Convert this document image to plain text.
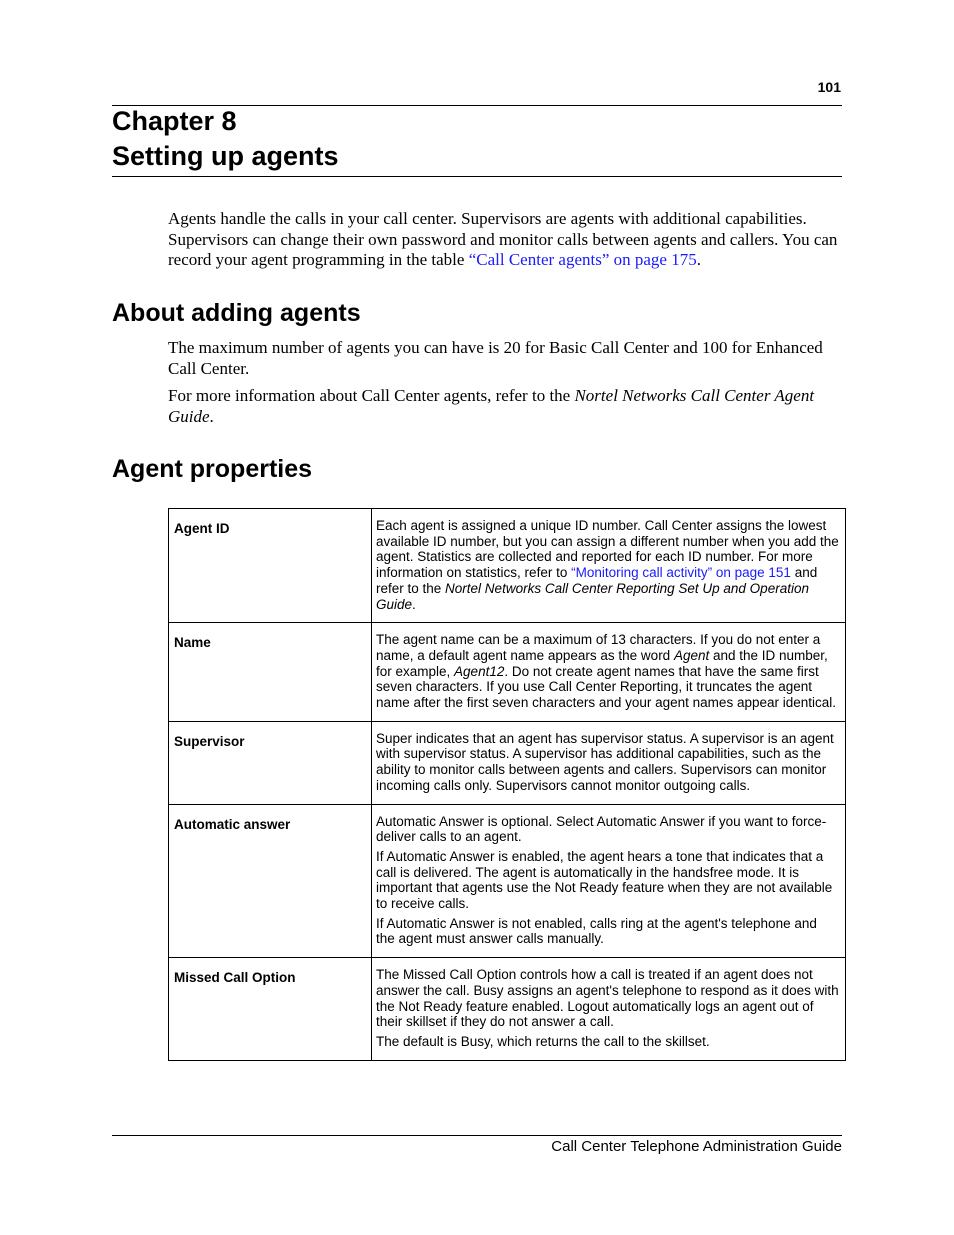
101
Chapter 8
Setting up agents

Agents handle the calls in your call center. Supervisors are agents with additional capabilities. Supervisors can change their own password and monitor calls between agents and callers. You can record your agent programming in the table “Call Center agents” on page 175.

About adding agents

The maximum number of agents you can have is 20 for Basic Call Center and 100 for Enhanced Call Center.

For more information about Call Center agents, refer to the Nortel Networks Call Center Agent Guide.

Agent properties
Agent ID	Each agent is assigned a unique ID number. Call Center assigns the lowest available ID number, but you can assign a different number when you add the agent. Statistics are collected and reported for each ID number. For more information on statistics, refer to “Monitoring call activity” on page 151 and refer to the Nortel Networks Call Center Reporting Set Up and Operation Guide.

Name	The agent name can be a maximum of 13 characters. If you do not enter a name, a default agent name appears as the word Agent and the ID number, for example, Agent12. Do not create agent names that have the same first seven characters. If you use Call Center Reporting, it truncates the agent name after the first seven characters and your agent names appear identical.

Supervisor	Super indicates that an agent has supervisor status. A supervisor is an agent with supervisor status. A supervisor has additional capabilities, such as the ability to monitor calls between agents and callers. Supervisors can monitor incoming calls only. Supervisors cannot monitor outgoing calls.

Automatic answer	Automatic Answer is optional. Select Automatic Answer if you want to force-deliver calls to an agent.

If Automatic Answer is enabled, the agent hears a tone that indicates that a call is delivered. The agent is automatically in the handsfree mode. It is important that agents use the Not Ready feature when they are not available to receive calls.

If Automatic Answer is not enabled, calls ring at the agent's telephone and the agent must answer calls manually.

Missed Call Option	The Missed Call Option controls how a call is treated if an agent does not answer the call. Busy assigns an agent's telephone to respond as it does with the Not Ready feature enabled. Logout automatically logs an agent out of their skillset if they do not answer a call.

The default is Busy, which returns the call to the skillset.

Call Center Telephone Administration Guide
